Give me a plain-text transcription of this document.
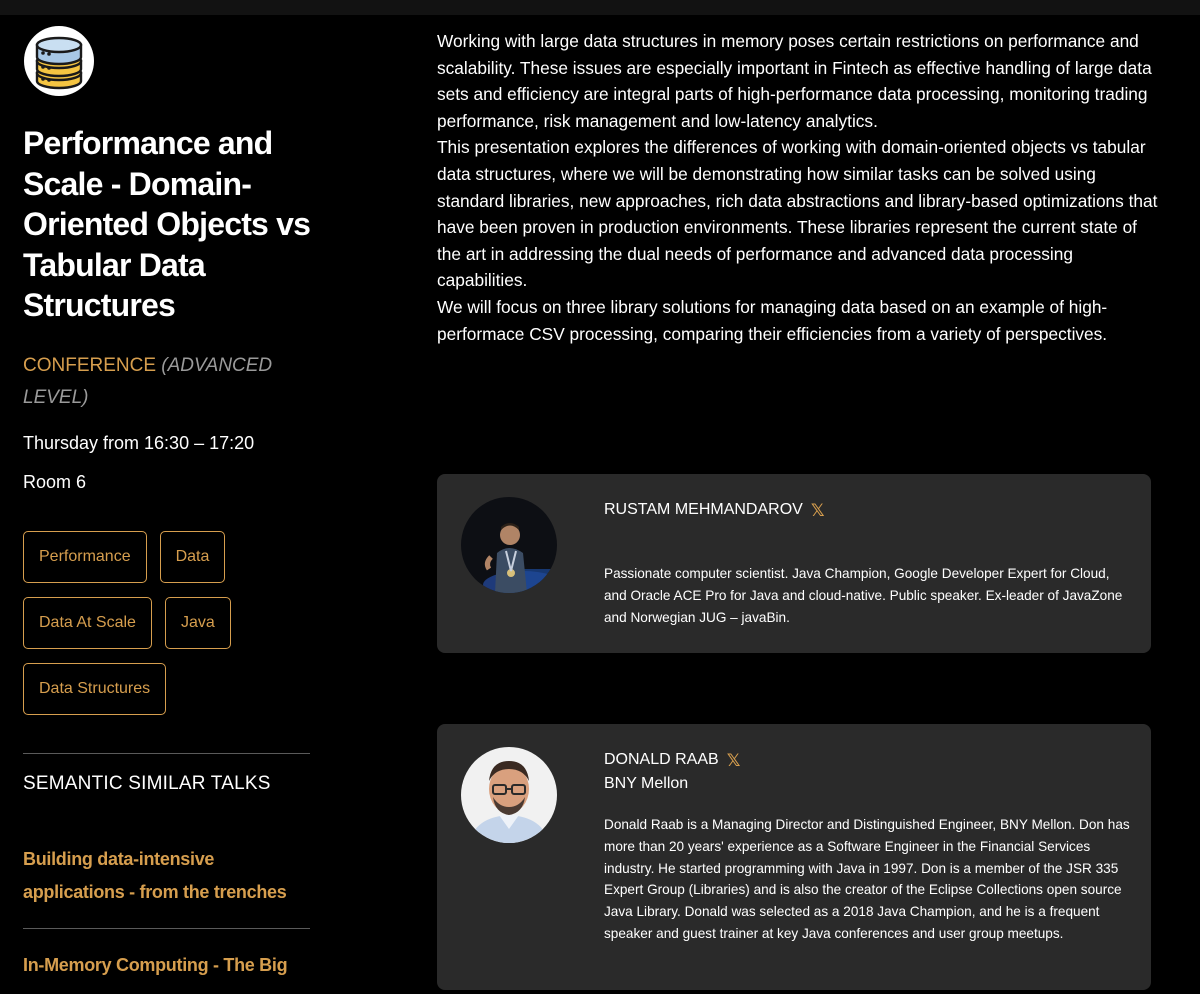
Performance and Scale - Domain-Oriented Objects vs Tabular Data Structures
CONFERENCE (ADVANCED LEVEL)
Thursday from 16:30 – 17:20
Room 6
Performance	Data
Data At Scale	Java
Data Structures
SEMANTIC SIMILAR TALKS
Building data-intensive applications - from the trenches
In-Memory Computing - The Big

Working with large data structures in memory poses certain restrictions on performance and scalability. These issues are especially important in Fintech as effective handling of large data sets and efficiency are integral parts of high-performance data processing, monitoring trading performance, risk management and low-latency analytics.

This presentation explores the differences of working with domain-oriented objects vs tabular data structures, where we will be demonstrating how similar tasks can be solved using standard libraries, new approaches, rich data abstractions and library-based optimizations that have been proven in production environments. These libraries represent the current state of the art in addressing the dual needs of performance and advanced data processing capabilities.

We will focus on three library solutions for managing data based on an example of high-performace CSV processing, comparing their efficiencies from a variety of perspectives.

RUSTAM MEHMANDAROV 𝕏
Passionate computer scientist. Java Champion, Google Developer Expert for Cloud, and Oracle ACE Pro for Java and cloud-native. Public speaker. Ex-leader of JavaZone and Norwegian JUG – javaBin.
DONALD RAAB 𝕏
BNY Mellon
Donald Raab is a Managing Director and Distinguished Engineer, BNY Mellon. Don has more than 20 years' experience as a Software Engineer in the Financial Services industry. He started programming with Java in 1997. Don is a member of the JSR 335 Expert Group (Libraries) and is also the creator of the Eclipse Collections open source Java Library. Donald was selected as a 2018 Java Champion, and he is a frequent speaker and guest trainer at key Java conferences and user group meetups.
